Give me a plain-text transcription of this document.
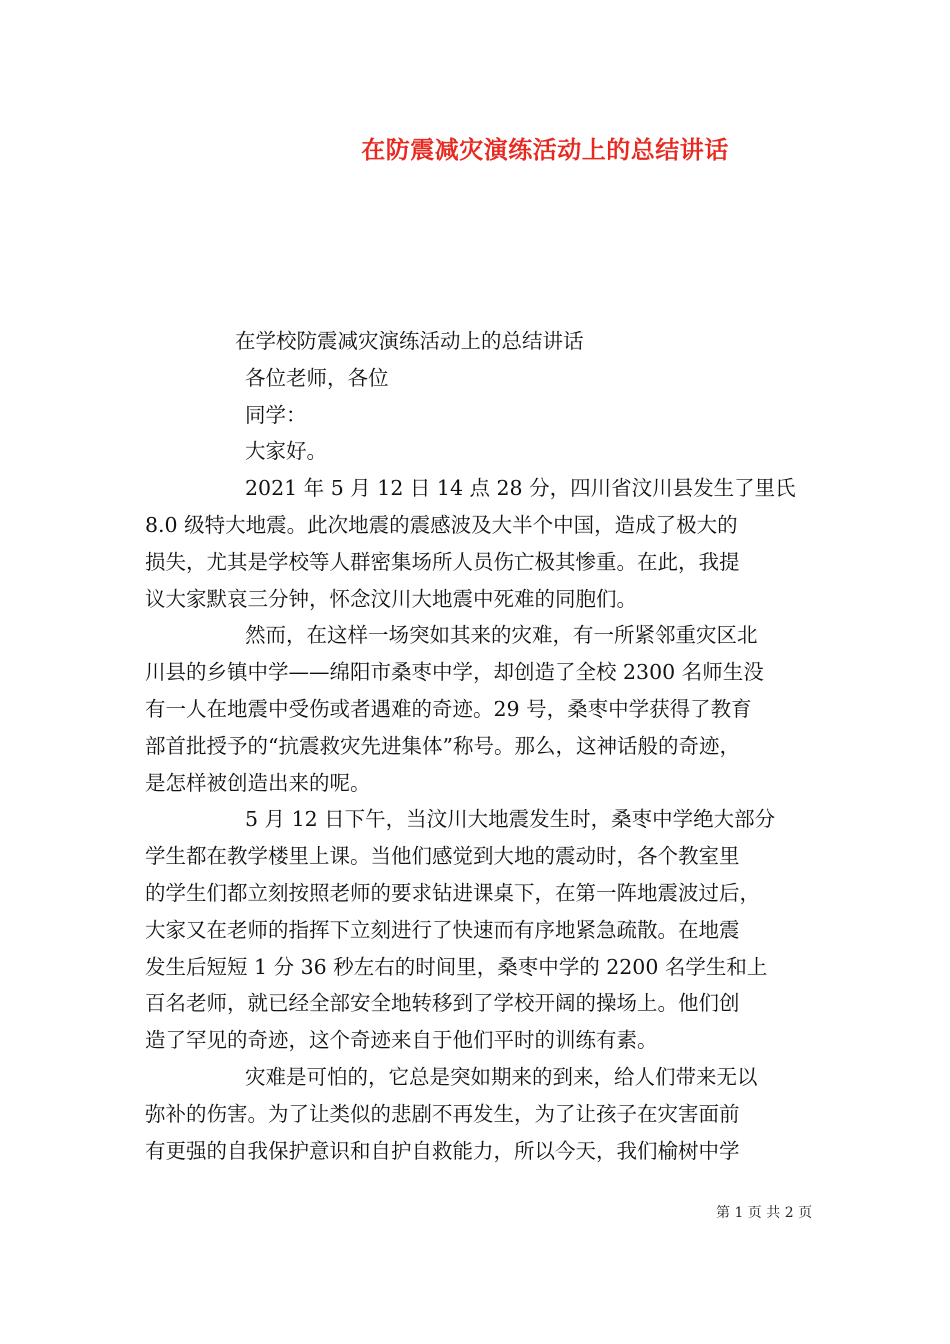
在防震减灾演练活动上的总结讲话
在学校防震减灾演练活动上的总结讲话
各位老师，各位
同学：
大家好。
2021 年 5 月 12 日 14 点 28 分，四川省汶川县发生了里氏
8.0 级特大地震。此次地震的震感波及大半个中国，造成了极大的
损失，尤其是学校等人群密集场所人员伤亡极其惨重。在此，我提
议大家默哀三分钟，怀念汶川大地震中死难的同胞们。
然而，在这样一场突如其来的灾难，有一所紧邻重灾区北
川县的乡镇中学——绵阳市桑枣中学，却创造了全校 2300 名师生没
有一人在地震中受伤或者遇难的奇迹。29 号，桑枣中学获得了教育
部首批授予的“抗震救灾先进集体”称号。那么，这神话般的奇迹，
是怎样被创造出来的呢。
5 月 12 日下午，当汶川大地震发生时，桑枣中学绝大部分
学生都在教学楼里上课。当他们感觉到大地的震动时，各个教室里
的学生们都立刻按照老师的要求钻进课桌下，在第一阵地震波过后，
大家又在老师的指挥下立刻进行了快速而有序地紧急疏散。在地震
发生后短短 1 分 36 秒左右的时间里，桑枣中学的 2200 名学生和上
百名老师，就已经全部安全地转移到了学校开阔的操场上。他们创
造了罕见的奇迹，这个奇迹来自于他们平时的训练有素。
灾难是可怕的，它总是突如期来的到来，给人们带来无以
弥补的伤害。为了让类似的悲剧不再发生，为了让孩子在灾害面前
有更强的自我保护意识和自护自救能力，所以今天，我们榆树中学
第 1 页 共 2 页
